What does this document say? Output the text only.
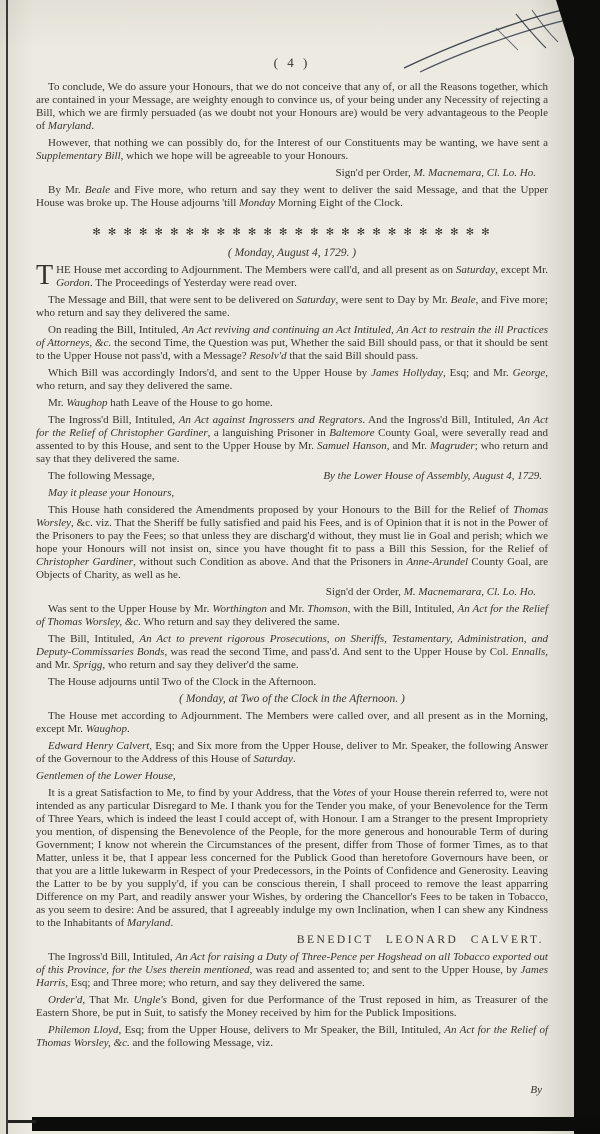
( 4 )

To conclude, We do assure your Honours, that we do not conceive that any of, or all the Reasons together, which are contained in your Message, are weighty enough to convince us, of your being under any Necessity of rejecting a Bill, which we are firmly persuaded (as we doubt not your Honours are) would be very advantageous to the People of Maryland.

However, that nothing we can possibly do, for the Interest of our Constituents may be wanting, we have sent a Supplementary Bill, which we hope will be agreeable to your Honours.

Sign'd per Order, M. Macnemara, Cl. Lo. Ho.

By Mr. Beale and Five more, who return and say they went to deliver the said Message, and that the Upper House was broke up. The House adjourns 'till Monday Morning Eight of the Clock.

✻ ✻ ✻ ✻ ✻ ✻ ✻ ✻ ✻ ✻ ✻ ✻ ✻ ✻ ✻ ✻ ✻ ✻ ✻ ✻ ✻ ✻ ✻ ✻ ✻ ✻

( Monday, August 4, 1729. )

THE House met according to Adjournment. The Members were call'd, and all present as on Saturday, except Mr. Gordon. The Proceedings of Yesterday were read over.

The Message and Bill, that were sent to be delivered on Saturday, were sent to Day by Mr. Beale, and Five more; who return and say they delivered the same.

On reading the Bill, Intituled, An Act reviving and continuing an Act Intituled, An Act to restrain the ill Practices of Attorneys, &c. the second Time, the Question was put, Whether the said Bill should pass, or that it should be sent to the Upper House not pass'd, with a Message? Resolv'd that the said Bill should pass.

Which Bill was accordingly Indors'd, and sent to the Upper House by James Hollyday, Esq; and Mr. George, who return, and say they delivered the same.

Mr. Waughop hath Leave of the House to go home.

The Ingross'd Bill, Intituled, An Act against Ingrossers and Regrators. And the Ingross'd Bill, Intituled, An Act for the Relief of Christopher Gardiner, a languishing Prisoner in Baltemore County Goal, were severally read and assented to by this House, and sent to the Upper House by Mr. Samuel Hanson, and Mr. Magruder; who return and say that they delivered the same.

The following Message,	By the Lower House of Assembly, August 4, 1729.

May it please your Honours,

This House hath considered the Amendments proposed by your Honours to the Bill for the Relief of Thomas Worsley, &c. viz. That the Sheriff be fully satisfied and paid his Fees, and is of Opinion that it is not in the Power of the Prisoners to pay the Fees; so that unless they are discharg'd without, they must lie in Goal and perish; which we hope your Honours will not insist on, since you have thought fit to pass a Bill this Session, for the Relief of Christopher Gardiner, without such Condition as above. And that the Prisoners in Anne-Arundel County Goal, are Objects of Charity, as well as he.

Sign'd der Order, M. Macnemarara, Cl. Lo. Ho.

Was sent to the Upper House by Mr. Worthington and Mr. Thomson, with the Bill, Intituled, An Act for the Relief of Thomas Worsley, &c. Who return and say they delivered the same.

The Bill, Intituled, An Act to prevent rigorous Prosecutions, on Sheriffs, Testamentary, Administration, and Deputy-Commissaries Bonds, was read the second Time, and pass'd. And sent to the Upper House by Col. Ennalls, and Mr. Sprigg, who return and say they deliver'd the same.

The House adjourns until Two of the Clock in the Afternoon.

( Monday, at Two of the Clock in the Afternoon. )

The House met according to Adjournment. The Members were called over, and all present as in the Morning, except Mr. Waughop.

Edward Henry Calvert, Esq; and Six more from the Upper House, deliver to Mr. Speaker, the following Answer of the Governour to the Address of this House of Saturday.

Gentlemen of the Lower House,

It is a great Satisfaction to Me, to find by your Address, that the Votes of your House therein referred to, were not intended as any particular Disregard to Me. I thank you for the Tender you make, of your Benevolence for the Term of Three Years, which is indeed the least I could accept of, with Honour. I am a Stranger to the present Impropriety you mention, of dispensing the Benevolence of the People, for the more generous and honourable Term of during Government; I know not wherein the Circumstances of the present, differ from Those of former Times, as to that Matter, unless it be, that I appear less concerned for the Publick Good than heretofore Governours have been, or that you are a little lukewarm in Respect of your Predecessors, in the Points of Confidence and Generosity. Leaving the Latter to be by you supply'd, if you can be conscious therein, I shall proceed to remove the least apparring Difference on my Part, and readily answer your Wishes, by ordering the Chancellor's Fees to be taken in Tobacco, as you seem to desire: And be assured, that I agreeably indulge my own Inclination, when I can shew any Kindness to the Inhabitants of Maryland.

BENEDICT LEONARD CALVERT.

The Ingross'd Bill, Intituled, An Act for raising a Duty of Three-Pence per Hogshead on all Tobacco exported out of this Province, for the Uses therein mentioned, was read and assented to; and sent to the Upper House, by James Harris, Esq; and Three more; who return, and say they delivered the same.

Order'd, That Mr. Ungle's Bond, given for due Performance of the Trust reposed in him, as Treasurer of the Eastern Shore, be put in Suit, to satisfy the Money received by him for the Publick Impositions.

Philemon Lloyd, Esq; from the Upper House, delivers to Mr Speaker, the Bill, Intituled, An Act for the Relief of Thomas Worsley, &c. and the following Message, viz.

By
